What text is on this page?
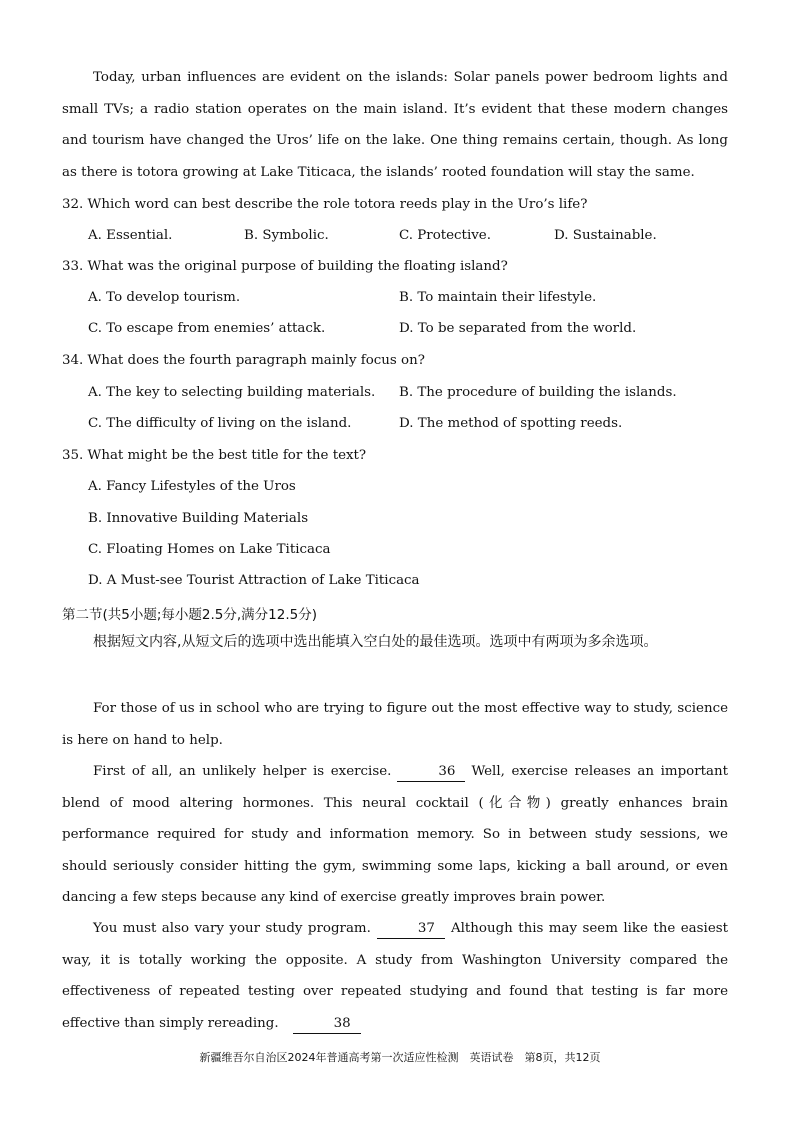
Today, urban influences are evident on the islands: Solar panels power bedroom lights and small TVs; a radio station operates on the main island. It’s evident that these modern changes and tourism have changed the Uros’ life on the lake. One thing remains certain, though. As long as there is totora growing at Lake Titicaca, the islands’ rooted foundation will stay the same.

32. Which word can best describe the role totora reeds play in the Uro’s life?

A. Essential.	B. Symbolic.	C. Protective.	D. Sustainable.

33. What was the original purpose of building the floating island?

A. To develop tourism.	B. To maintain their lifestyle.
C. To escape from enemies’ attack.	D. To be separated from the world.

34. What does the fourth paragraph mainly focus on?

A. The key to selecting building materials. B. The procedure of building the islands.
C. The difficulty of living on the island.	D. The method of spotting reeds.

35. What might be the best title for the text?

A. Fancy Lifestyles of the Uros
B. Innovative Building Materials
C. Floating Homes on Lake Titicaca
D. A Must-see Tourist Attraction of Lake Titicaca

第二节(共5小题;每小题2.5分,满分12.5分)

根据短文内容,从短文后的选项中选出能填入空白处的最佳选项。选项中有两项为多余选项。

For those of us in school who are trying to figure out the most effective way to study, science is here on hand to help.

First of all, an unlikely helper is exercise.	36 Well, exercise releases an important blend of mood altering hormones. This neural cocktail (化合物) greatly enhances brain performance required for study and information memory. So in between study sessions, we should seriously consider hitting the gym, swimming some laps, kicking a ball around, or even dancing a few steps because any kind of exercise greatly improves brain power.

You must also vary your study program.	37 Although this may seem like the easiest way, it is totally working the opposite. A study from Washington University compared the effectiveness of repeated testing over repeated studying and found that testing is far more effective than simply rereading.	38

新疆维吾尔自治区2024年普通高考第一次适应性检测　英语试卷　第8页，共12页
